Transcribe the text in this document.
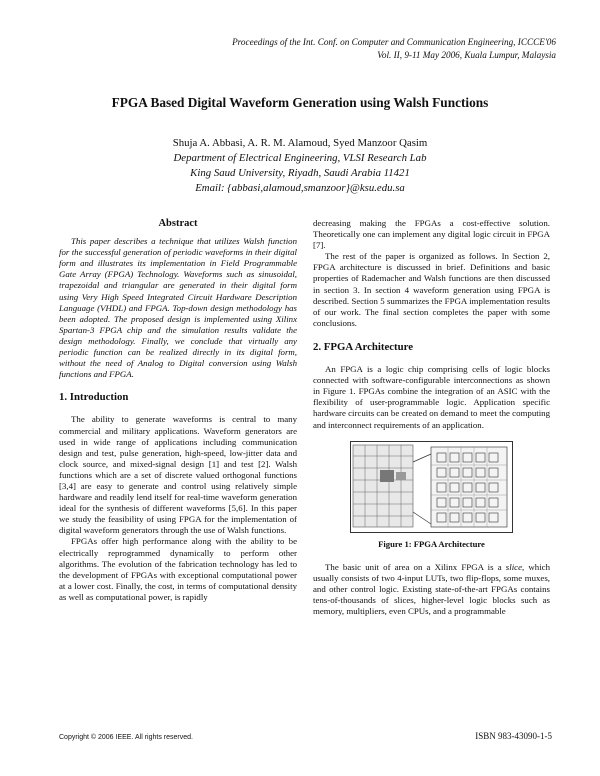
Proceedings of the Int. Conf. on Computer and Communication Engineering, ICCCE'06
Vol. II, 9-11 May 2006, Kuala Lumpur, Malaysia
FPGA Based Digital Waveform Generation using Walsh Functions
Shuja A. Abbasi, A. R. M. Alamoud, Syed Manzoor Qasim
Department of Electrical Engineering, VLSI Research Lab
King Saud University, Riyadh, Saudi Arabia 11421
Email: {abbasi,alamoud,smanzoor}@ksu.edu.sa
Abstract

This paper describes a technique that utilizes Walsh function for the successful generation of periodic waveforms in their digital form and illustrates its implementation in Field Programmable Gate Array (FPGA) Technology. Waveforms such as sinusoidal, trapezoidal and triangular are generated in their digital form using Very High Speed Integrated Circuit Hardware Description Language (VHDL) and FPGA. Top-down design methodology has been adopted. The proposed design is implemented using Xilinx Spartan-3 FPGA chip and the simulation results validate the design methodology. Finally, we conclude that virtually any periodic function can be realized directly in its digital form, without the need of Analog to Digital conversion using Walsh functions and FPGA.

1. Introduction

The ability to generate waveforms is central to many commercial and military applications. Waveform generators are used in wide range of applications including communication design and test, pulse generation, high-speed, low-jitter data and clock source, and mixed-signal design [1] and test [2]. Walsh functions which are a set of discrete valued orthogonal functions [3,4] are easy to generate and control using relatively simple hardware and readily lend itself for real-time waveform generation ideal for the synthesis of different waveforms [5,6]. In this paper we study the feasibility of using FPGA for the implementation of digital waveform generators through the use of Walsh functions.

FPGAs offer high performance along with the ability to be electrically reprogrammed dynamically to perform other algorithms. The evolution of the fabrication technology has led to the development of FPGAs with exceptional computational power at a lower cost. Finally, the cost, in terms of computational density as well as computational power, is rapidly

decreasing making the FPGAs a cost-effective solution. Theoretically one can implement any digital logic circuit in FPGA [7].

The rest of the paper is organized as follows. In Section 2, FPGA architecture is discussed in brief. Definitions and basic properties of Rademacher and Walsh functions are then discussed in section 3. In section 4 waveform generation using FPGA is described. Section 5 summarizes the FPGA implementation results of our work. The final section completes the paper with some conclusions.

2. FPGA Architecture

An FPGA is a logic chip comprising cells of logic blocks connected with software-configurable interconnections as shown in Figure 1. FPGAs combine the integration of an ASIC with the flexibility of user-programmable logic. Application specific hardware circuits can be created on demand to meet the computing and interconnect requirements of an application.

Figure 1: FPGA Architecture

The basic unit of area on a Xilinx FPGA is a slice, which usually consists of two 4-input LUTs, two flip-flops, some muxes, and other control logic. Existing state-of-the-art FPGAs contains tens-of-thousands of slices, higher-level logic blocks such as memory, multipliers, even CPUs, and a programmable

Copyright © 2006 IEEE. All rights reserved.	ISBN 983-43090-1-5
